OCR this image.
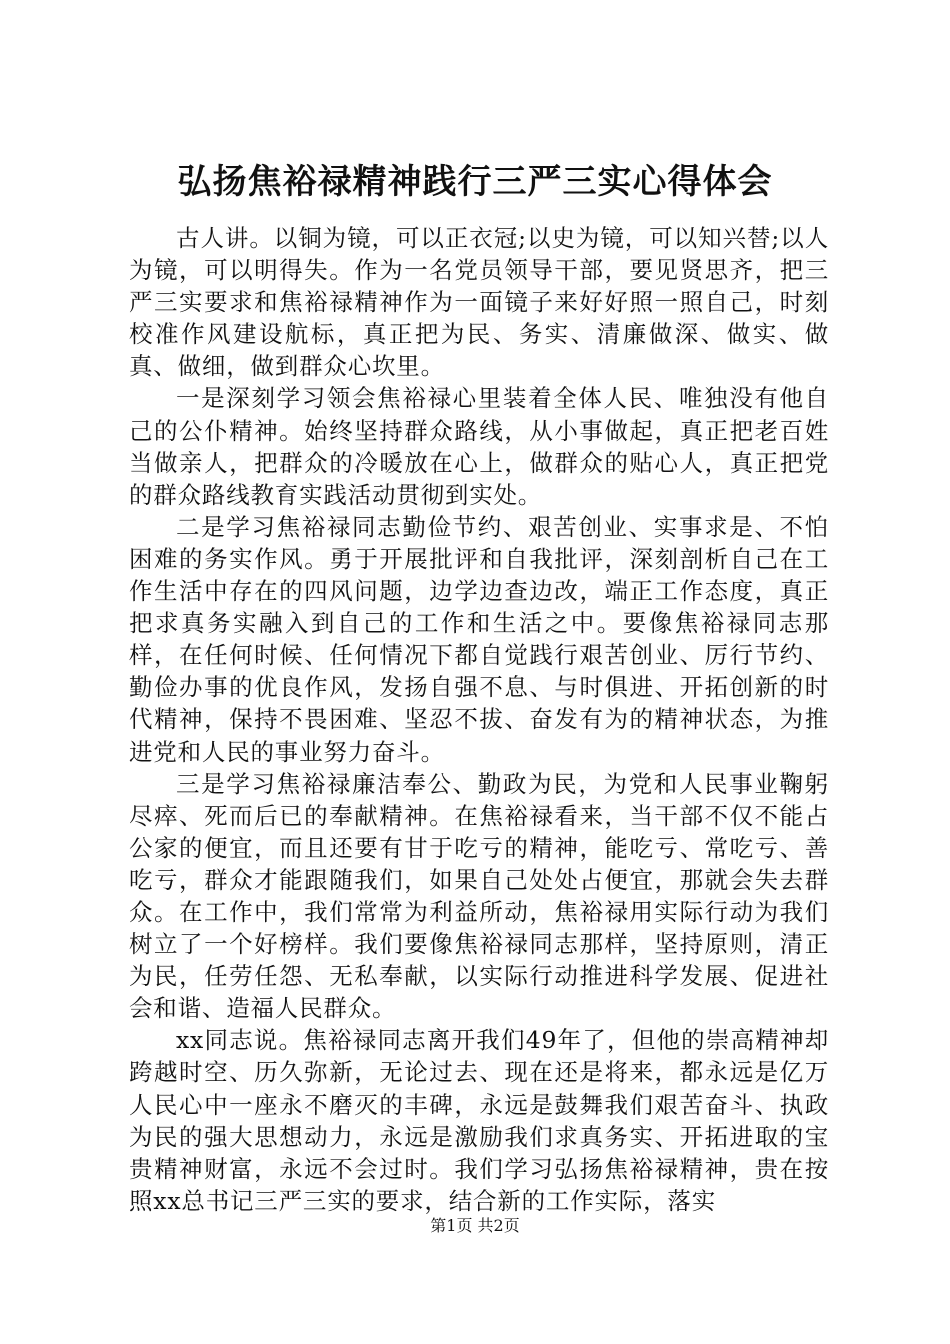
弘扬焦裕禄精神践行三严三实心得体会

古人讲。以铜为镜，可以正衣冠;以史为镜，可以知兴替;以人为镜，可以明得失。作为一名党员领导干部，要见贤思齐，把三严三实要求和焦裕禄精神作为一面镜子来好好照一照自己，时刻校准作风建设航标，真正把为民、务实、清廉做深、做实、做真、做细，做到群众心坎里。

一是深刻学习领会焦裕禄心里装着全体人民、唯独没有他自己的公仆精神。始终坚持群众路线，从小事做起，真正把老百姓当做亲人，把群众的冷暖放在心上，做群众的贴心人，真正把党的群众路线教育实践活动贯彻到实处。

二是学习焦裕禄同志勤俭节约、艰苦创业、实事求是、不怕困难的务实作风。勇于开展批评和自我批评，深刻剖析自己在工作生活中存在的四风问题，边学边查边改，端正工作态度，真正把求真务实融入到自己的工作和生活之中。要像焦裕禄同志那样，在任何时候、任何情况下都自觉践行艰苦创业、厉行节约、勤俭办事的优良作风，发扬自强不息、与时俱进、开拓创新的时代精神，保持不畏困难、坚忍不拔、奋发有为的精神状态，为推进党和人民的事业努力奋斗。

三是学习焦裕禄廉洁奉公、勤政为民，为党和人民事业鞠躬尽瘁、死而后已的奉献精神。在焦裕禄看来，当干部不仅不能占公家的便宜，而且还要有甘于吃亏的精神，能吃亏、常吃亏、善吃亏，群众才能跟随我们，如果自己处处占便宜，那就会失去群众。在工作中，我们常常为利益所动，焦裕禄用实际行动为我们树立了一个好榜样。我们要像焦裕禄同志那样，坚持原则，清正为民，任劳任怨、无私奉献，以实际行动推进科学发展、促进社会和谐、造福人民群众。

xx同志说。焦裕禄同志离开我们49年了，但他的崇高精神却跨越时空、历久弥新，无论过去、现在还是将来，都永远是亿万人民心中一座永不磨灭的丰碑，永远是鼓舞我们艰苦奋斗、执政为民的强大思想动力，永远是激励我们求真务实、开拓进取的宝贵精神财富，永远不会过时。我们学习弘扬焦裕禄精神，贵在按照xx总书记三严三实的要求，结合新的工作实际，落实

第1页 共2页
